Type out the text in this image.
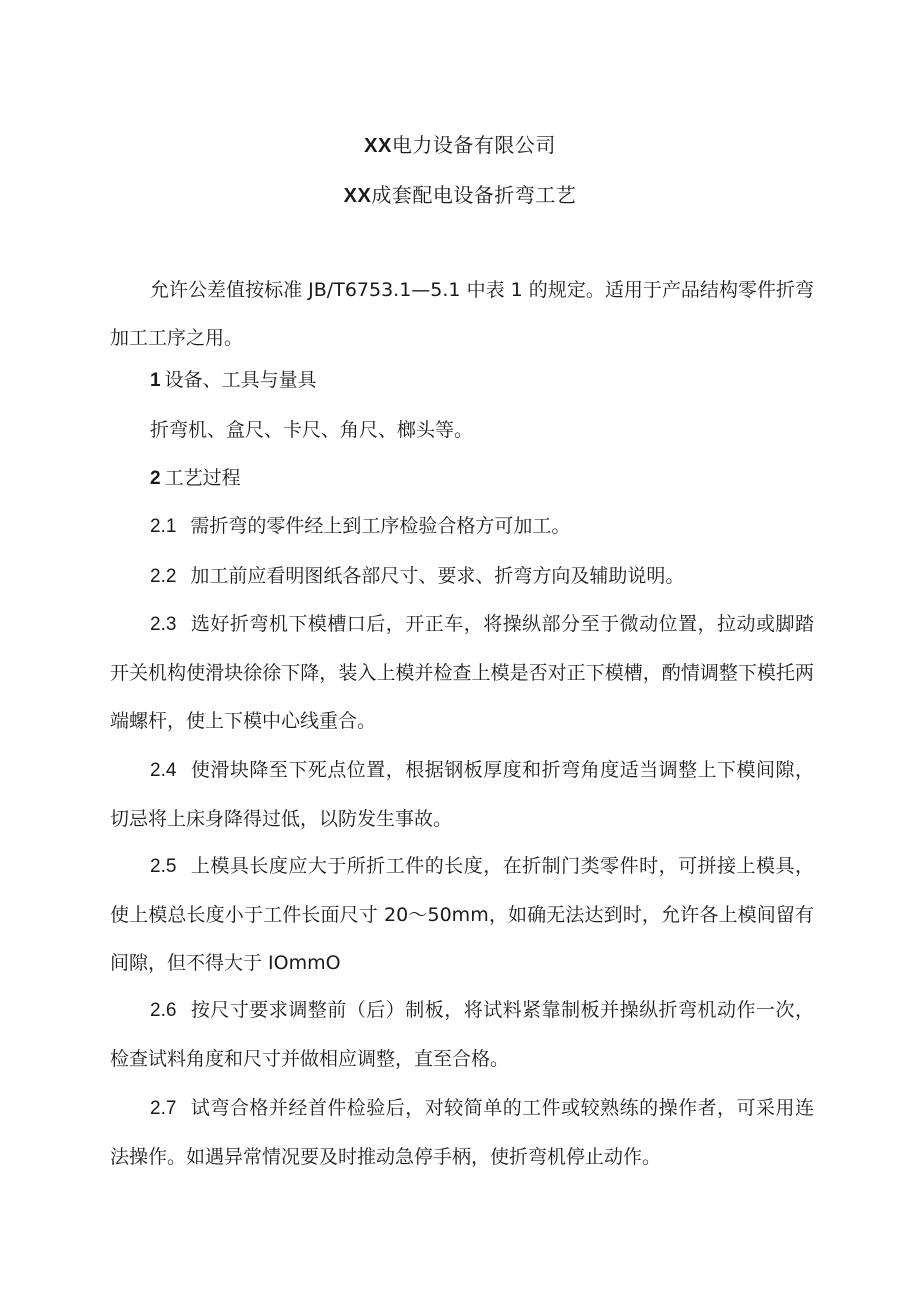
XX电力设备有限公司
XX成套配电设备折弯工艺

允许公差值按标准 JB/T6753.1—5.1 中表 1 的规定。适用于产品结构零件折弯加工工序之用。

1 设备、工具与量具

折弯机、盒尺、卡尺、角尺、榔头等。

2 工艺过程

2.1 需折弯的零件经上到工序检验合格方可加工。

2.2 加工前应看明图纸各部尺寸、要求、折弯方向及辅助说明。

2.3 选好折弯机下模槽口后，开正车，将操纵部分至于微动位置，拉动或脚踏开关机构使滑块徐徐下降，装入上模并检查上模是否对正下模槽，酌情调整下模托两端螺杆，使上下模中心线重合。

2.4 使滑块降至下死点位置，根据钢板厚度和折弯角度适当调整上下模间隙，切忌将上床身降得过低，以防发生事故。

2.5 上模具长度应大于所折工件的长度，在折制门类零件时，可拼接上模具，使上模总长度小于工件长面尺寸 20～50mm，如确无法达到时，允许各上模间留有间隙，但不得大于 IOmmO

2.6 按尺寸要求调整前（后）制板，将试料紧靠制板并操纵折弯机动作一次，检查试料角度和尺寸并做相应调整，直至合格。

2.7 试弯合格并经首件检验后，对较简单的工件或较熟练的操作者，可采用连法操作。如遇异常情况要及时推动急停手柄，使折弯机停止动作。
